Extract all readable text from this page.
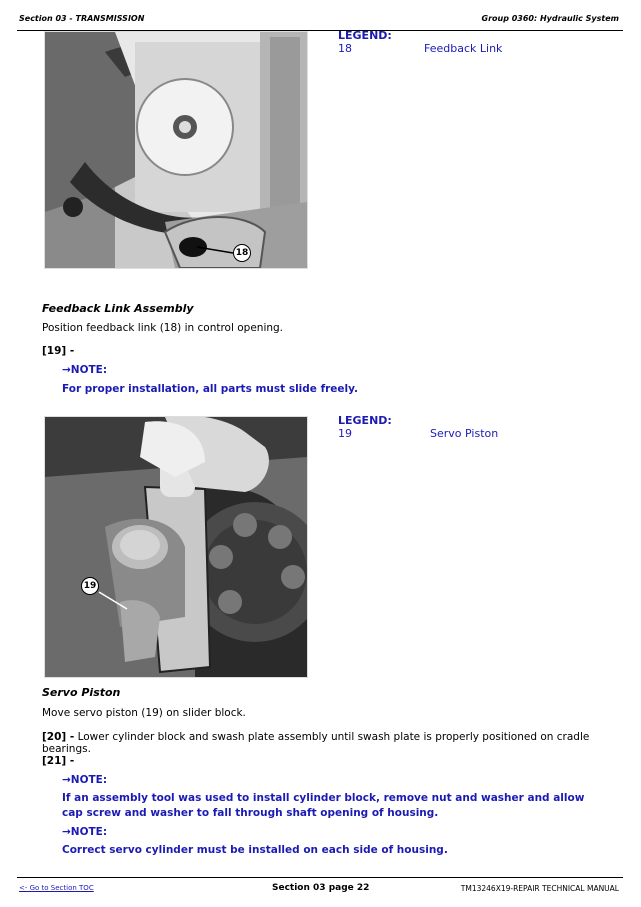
Section 03 - TRANSMISSION	Group 0360: Hydraulic System
18
LEGEND:
18	Feedback Link
Feedback Link Assembly
Position feedback link (18) in control opening.
[19] -
→NOTE:
For proper installation, all parts must slide freely.
19
LEGEND:
19	Servo Piston
Servo Piston
Move servo piston (19) on slider block.
[20] - Lower cylinder block and swash plate assembly until swash plate is properly positioned on cradle bearings.
[21] -
→NOTE:
If an assembly tool was used to install cylinder block, remove nut and washer and allow cap screw and washer to fall through shaft opening of housing.
→NOTE:
Correct servo cylinder must be installed on each side of housing.
<- Go to Section TOC	Section 03 page 22	TM13246X19-REPAIR TECHNICAL MANUAL
